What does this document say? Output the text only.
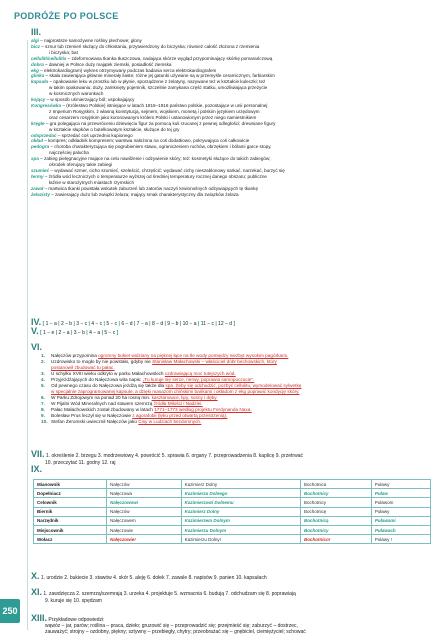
PODRÓŻE PO POLSCE
III.

algi – najprostsze samożywne rośliny plechowe; glony

bicz – sznur lub rzemień służący do chłostania, przytwierdzony do biczyska; również całość złożona z rzemienia

i biczyska; bat

celluliti/cellulitis – zdeformowana tkanka tłuszczowa, nadająca skórze wygląd przypominający skórkę pomarańczową

dobra – dawniej w Polsce duży majątek ziemski, posiadłość ziemska

ekg – elektrokardiogram) wykres otrzymywany podczas badania serca elektrokardiografem

glinka – skała zawierająca głównie minerały ilaste; różne jej gatunki używane są w przemyśle ceramicznym, farbiarskim

kapsuła – opakowanie leku w proszku lub w płynie, sporządzone z żelatyny, nazywane też w kształcie kuleczki; też

w takim opakowaniu; duży, zamknięty pojemnik, szczelnie zamykana część statku, umożliwiająca przeżycie

w kosmicznych warunkach

kojący – w sposób uśmierzający ból; uspokajający

Kongresówka – (Królestwo Polskie) istniejące w latach 1815–1916 państwo polskie, pozostające w unii personalnej

z Imperium Rosyjskim, z własną konstytucją, sejmem, wojskiem, monetą i polskim językiem urzędowym

oraz cesarzem rosyjskim jako koronowanym królem Polski i ustanowionym przez niego namiestnikiem

kręgle – gra polegająca na przewróceniu dziewięciu figur za pomocą kuli rzucanej z pewnej odległości; drewniane figury

w kształcie słupków o butelkowatym kształcie, służące do tej gry

odsprzedać – sprzedać coś uprzednio kupionego

okład – kompres; odkładnik kompresem; warstwa nałożona na coś dodatkowo, pokrywająca coś całkowicie

pedogra – choroba charakteryzująca się pogrubieniem stawu, ograniczeniem ruchów, obrzękiem i bólami garce stopy,

najczęściej palucha

spa – zabieg pielęgnacyjne mające na celu nawilżenie i odżywienie skóry; też: kosmetyki służące do takich zabiegów;

ośrodek oferujący takie zabiegi

szumieć – wydawać szmer, cicho szumieć, szeleścić, chrzęścić; wydawać cichy nieszablonowy sarkać, narzekać, burzyć się

termy – źródła wód leczniczych o temperaturze wyższej od średniej temperatury rocznej danego obszaru; publiczne

łaźnie w starożytnych miastach rzymskich

zawał – martwica tkanki powstała wskutek zaburzeń lub zatorów naczyń krwionośnych odżywiających tę tkankę

żelazisty – zawierający dużo lub związki żelaza; mający smak charakterystyczny dla związków żelaza

IV. [ 1 – a | 2 – b | 3 – c | 4 – c | 5 – c | 6 – d | 7 – a | 8 – d | 9 – b | 10 – a | 11 – c | 12 – d ]
V. [ 1 – e | 2 – a | 3 – b | 4 – a | 5 – c ]
VI.
1. Nałęczów przypomina ogromny bukiet widziany na pięknej łące na tle wody pomiędzy niezbyt wysokim pagórkami.
2. Uzdrowisko to mogło by nie powstało, gdyby nie Stanisław Małachowski – właściciel dóbr bechowskich, który
postanowił zbudować tu pałac.
3. U schyłku XVIII wieku odkryto w parku Małachowskich uzdrawiającą moc tutejszych wód.
4. Przyjeżdżających do Nałęczowa wita napis: „Tu kurujе się serce, nerwy, poprawia samopoczucie”.
5. Od pewnego czasu do Nałęczowa jeżdżą się także dla spa. Żeby się odchudzić, pozbyć cellulitu, wymodelować sylwetkę
w specjalnie zaprogramowanej kapsule, a dzięki masażom chińskimi bańkami i okładom z ekg poprawić kondycję skóry.
6. W Parku Zdrojowym na ponad 20 ha rosną min. kasztanowce, lipy, sosny i dęby.
7. W Pijalni Wód Mineralnych nad stawem szemrzą źródła Miłości i Nadziei.
8. Pałac Małachowskich został zbudowany w latach 1771–1773 według projektu Ferdynanda Naxa.
9. Bolesław Prus leczył się w Nałęczowie z agorafobii (lęku przed otwartą przestrzenią).
10. Stefan Żeromski uwiecznił Nałęczów jako Cisy w Ludziach bezdomnych.
VII. 1. określenie 2. brzegu 3. modrzewiowy 4. powrócić 5. sprawia 6. organy 7. przeprowadzenia 8. kaplicę 9. przetrwać
10. przeczytać 11. godny 12. raj
IX.
Mianownik	Nałęczów	Kazimierz Dolny	Bochotnica	Puławy
Dopełniacz	Nałęczowa	Kazimierza Dolnego	Bochotnicy	Puław
Celownik	Nałęczowowi	Kazimierzowi Dolnemu	Bochotnicy	Puławom
Biernik	Nałęczów	Kazimierz Dolny	Bochotnicę	Puławy
Narzędnik	Nałęczowem	Kazimierzem Dolnym	Bochotnicą	Puławami
Miejscownik	Nałęczowie	Kazimierzu Dolnym	Bochotnicy	Puławach
Wołacz	Nałęczowie!	Kazimierzu Dolny!	Bochotnico!	Puławy !
X. 1. urodzie 2. bukiecie 3. stawów 4. skór 5. aleję 6. dołek 7. zawale 8. napisów 9. panien 10. kapsułach
XI. 1. zawdzięcza 2. szemrzą/szemrają 3. urzeka 4. projektuje 5. wzmacnia 6. budują 7. odchudzam się 8. poprawiają
9. kuruje się 10. spędzam
XIII. Przykładowe odpowiedzi:
wąwóz – jar, parów; roślina – praca, dzieło; gruzowić się – przeprowadzić się; przejmieść się; zaburzyć – dostrzec,
zauważyć; strojny – ozdobny, piękny; sztywny – przebiegły, chytry; przeobrażać się – gnębiciel, ciemiężyciel; schować
250
